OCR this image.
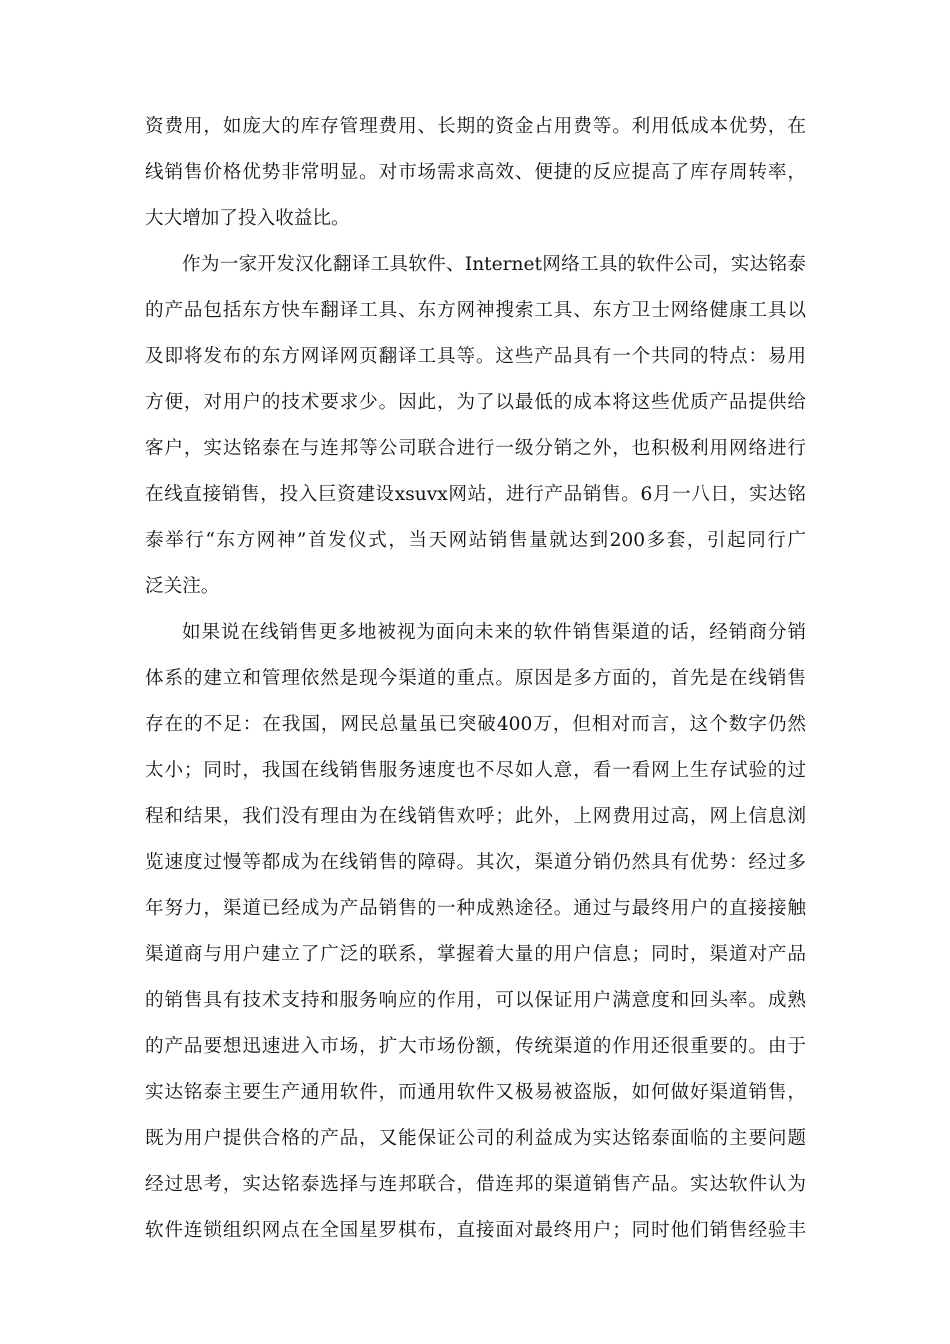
资费用，如庞大的库存管理费用、长期的资金占用费等。利用低成本优势，在
线销售价格优势非常明显。对市场需求高效、便捷的反应提高了库存周转率，
大大增加了投入收益比。
作为一家开发汉化翻译工具软件、Internet网络工具的软件公司，实达铭泰
的产品包括东方快车翻译工具、东方网神搜索工具、东方卫士网络健康工具以
及即将发布的东方网译网页翻译工具等。这些产品具有一个共同的特点：易用
方便，对用户的技术要求少。因此，为了以最低的成本将这些优质产品提供给
客户，实达铭泰在与连邦等公司联合进行一级分销之外，也积极利用网络进行
在线直接销售，投入巨资建设xsuvx网站，进行产品销售。6月一八日，实达铭
泰举行“东方网神”首发仪式，当天网站销售量就达到200多套，引起同行广
泛关注。
如果说在线销售更多地被视为面向未来的软件销售渠道的话，经销商分销
体系的建立和管理依然是现今渠道的重点。原因是多方面的，首先是在线销售
存在的不足：在我国，网民总量虽已突破400万，但相对而言，这个数字仍然
太小；同时，我国在线销售服务速度也不尽如人意，看一看网上生存试验的过
程和结果，我们没有理由为在线销售欢呼；此外，上网费用过高，网上信息浏
览速度过慢等都成为在线销售的障碍。其次，渠道分销仍然具有优势：经过多
年努力，渠道已经成为产品销售的一种成熟途径。通过与最终用户的直接接触
渠道商与用户建立了广泛的联系，掌握着大量的用户信息；同时，渠道对产品
的销售具有技术支持和服务响应的作用，可以保证用户满意度和回头率。成熟
的产品要想迅速进入市场，扩大市场份额，传统渠道的作用还很重要的。由于
实达铭泰主要生产通用软件，而通用软件又极易被盗版，如何做好渠道销售，
既为用户提供合格的产品，又能保证公司的利益成为实达铭泰面临的主要问题
经过思考，实达铭泰选择与连邦联合，借连邦的渠道销售产品。实达软件认为
软件连锁组织网点在全国星罗棋布，直接面对最终用户；同时他们销售经验丰
